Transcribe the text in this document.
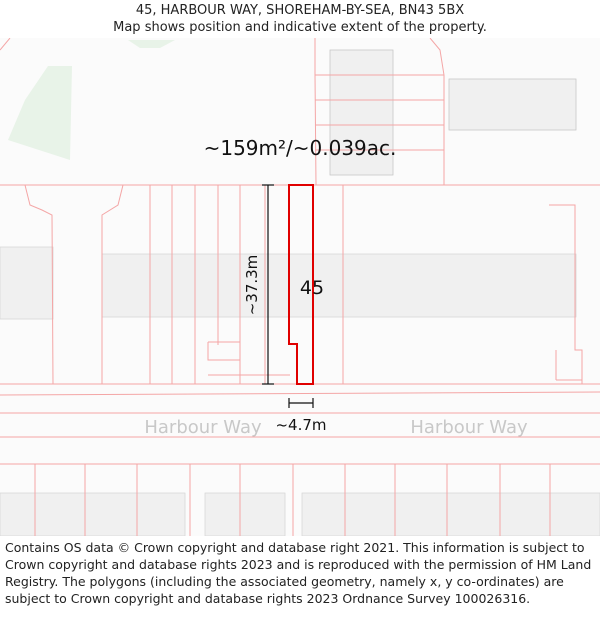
45, HARBOUR WAY, SHOREHAM-BY-SEA, BN43 5BX
Map shows position and indicative extent of the property.
~159m²/~0.039ac.
45
~37.3m
~4.7m
Harbour Way	Harbour Way
Contains OS data © Crown copyright and database right 2021. This information is subject to Crown copyright and database rights 2023 and is reproduced with the permission of HM Land Registry. The polygons (including the associated geometry, namely x, y co-ordinates) are subject to Crown copyright and database rights 2023 Ordnance Survey 100026316.
